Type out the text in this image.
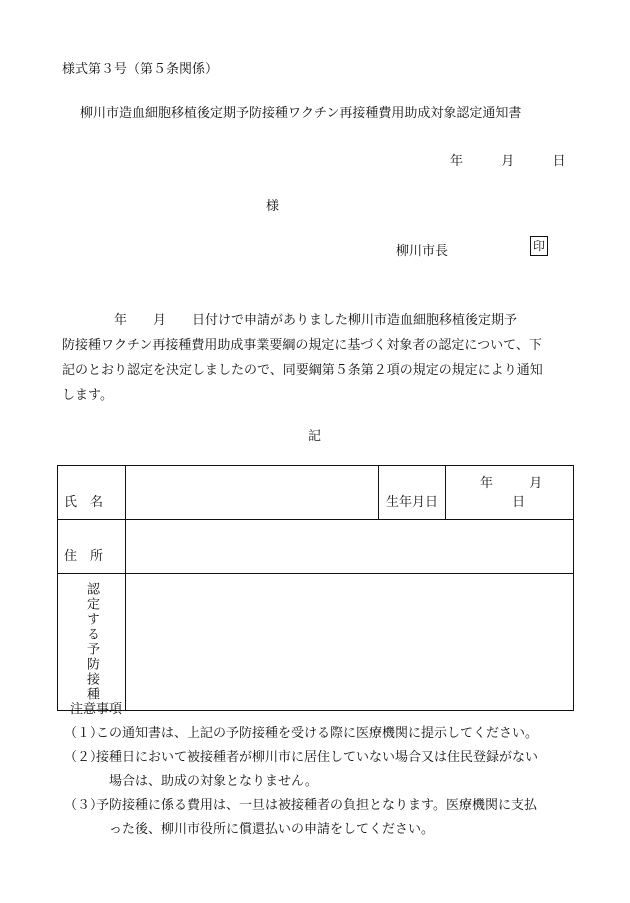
様式第３号（第５条関係）
柳川市造血細胞移植後定期予防接種ワクチン再接種費用助成対象認定通知書
年	月	日
様
柳川市長	印
　　　　年　　月　　日付けで申請がありました柳川市造血細胞移植後定期予
防接種ワクチン再接種費用助成事業要綱の規定に基づく対象者の認定について、下
記のとおり認定を決定しましたので、同要綱第５条第２項の規定の規定により通知
します。
記
氏　名		生年月日	年 月  日
住　所			

認定する予防接種			

注意事項
（１）
この通知書は、上記の予防接種を受ける際に医療機関に提示してください。
（２）
接種日において被接種者が柳川市に居住していない場合又は住民登録がない
　場合は、助成の対象となりません。
（３）
予防接種に係る費用は、一旦は被接種者の負担となります。医療機関に支払
　った後、柳川市役所に償還払いの申請をしてください。
